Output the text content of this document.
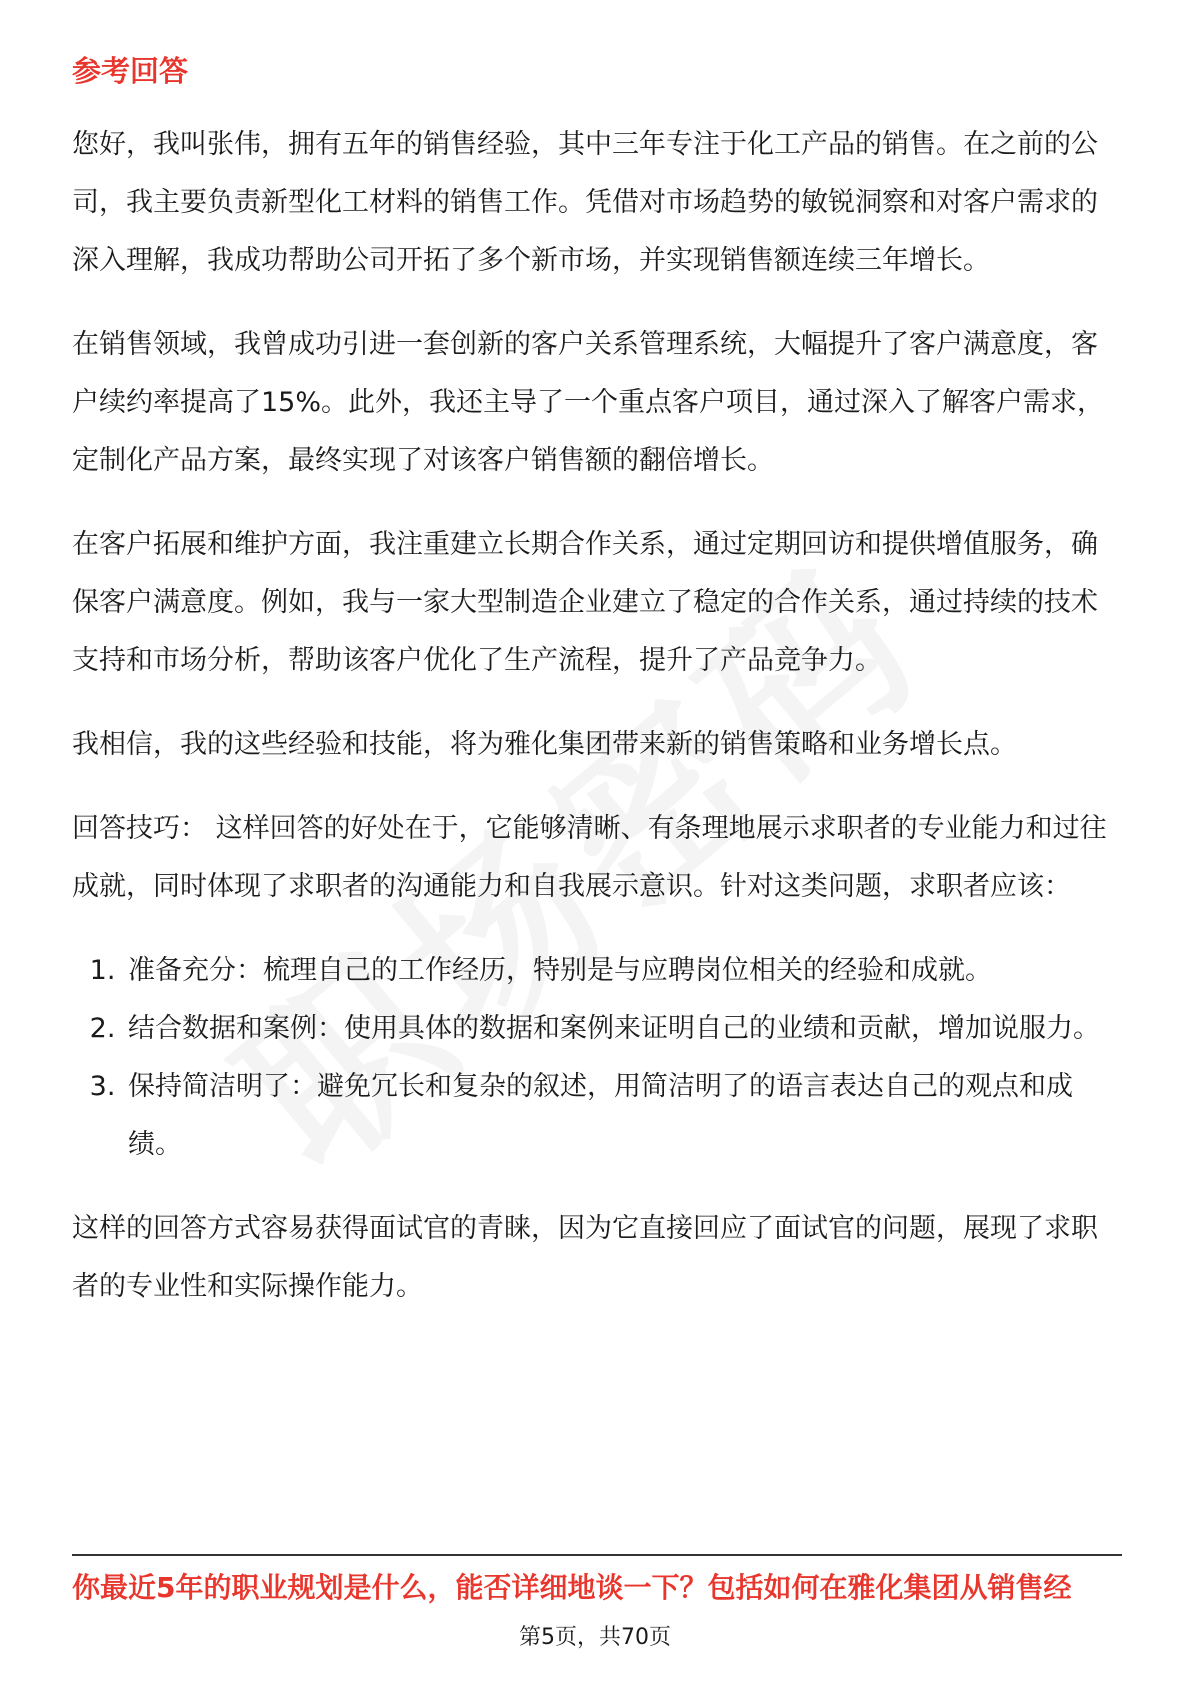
参考回答

您好，我叫张伟，拥有五年的销售经验，其中三年专注于化工产品的销售。在之前的公司，我主要负责新型化工材料的销售工作。凭借对市场趋势的敏锐洞察和对客户需求的深入理解，我成功帮助公司开拓了多个新市场，并实现销售额连续三年增长。

在销售领域，我曾成功引进一套创新的客户关系管理系统，大幅提升了客户满意度，客户续约率提高了15%。此外，我还主导了一个重点客户项目，通过深入了解客户需求，定制化产品方案，最终实现了对该客户销售额的翻倍增长。

在客户拓展和维护方面，我注重建立长期合作关系，通过定期回访和提供增值服务，确保客户满意度。例如，我与一家大型制造企业建立了稳定的合作关系，通过持续的技术支持和市场分析，帮助该客户优化了生产流程，提升了产品竞争力。

我相信，我的这些经验和技能，将为雅化集团带来新的销售策略和业务增长点。

回答技巧： 这样回答的好处在于，它能够清晰、有条理地展示求职者的专业能力和过往成就，同时体现了求职者的沟通能力和自我展示意识。针对这类问题，求职者应该：

1. 准备充分：梳理自己的工作经历，特别是与应聘岗位相关的经验和成就。
2. 结合数据和案例：使用具体的数据和案例来证明自己的业绩和贡献，增加说服力。
3. 保持简洁明了：避免冗长和复杂的叙述，用简洁明了的语言表达自己的观点和成绩。

这样的回答方式容易获得面试官的青睐，因为它直接回应了面试官的问题，展现了求职者的专业性和实际操作能力。

你最近5年的职业规划是什么，能否详细地谈一下？包括如何在雅化集团从销售经
第5页，共70页
